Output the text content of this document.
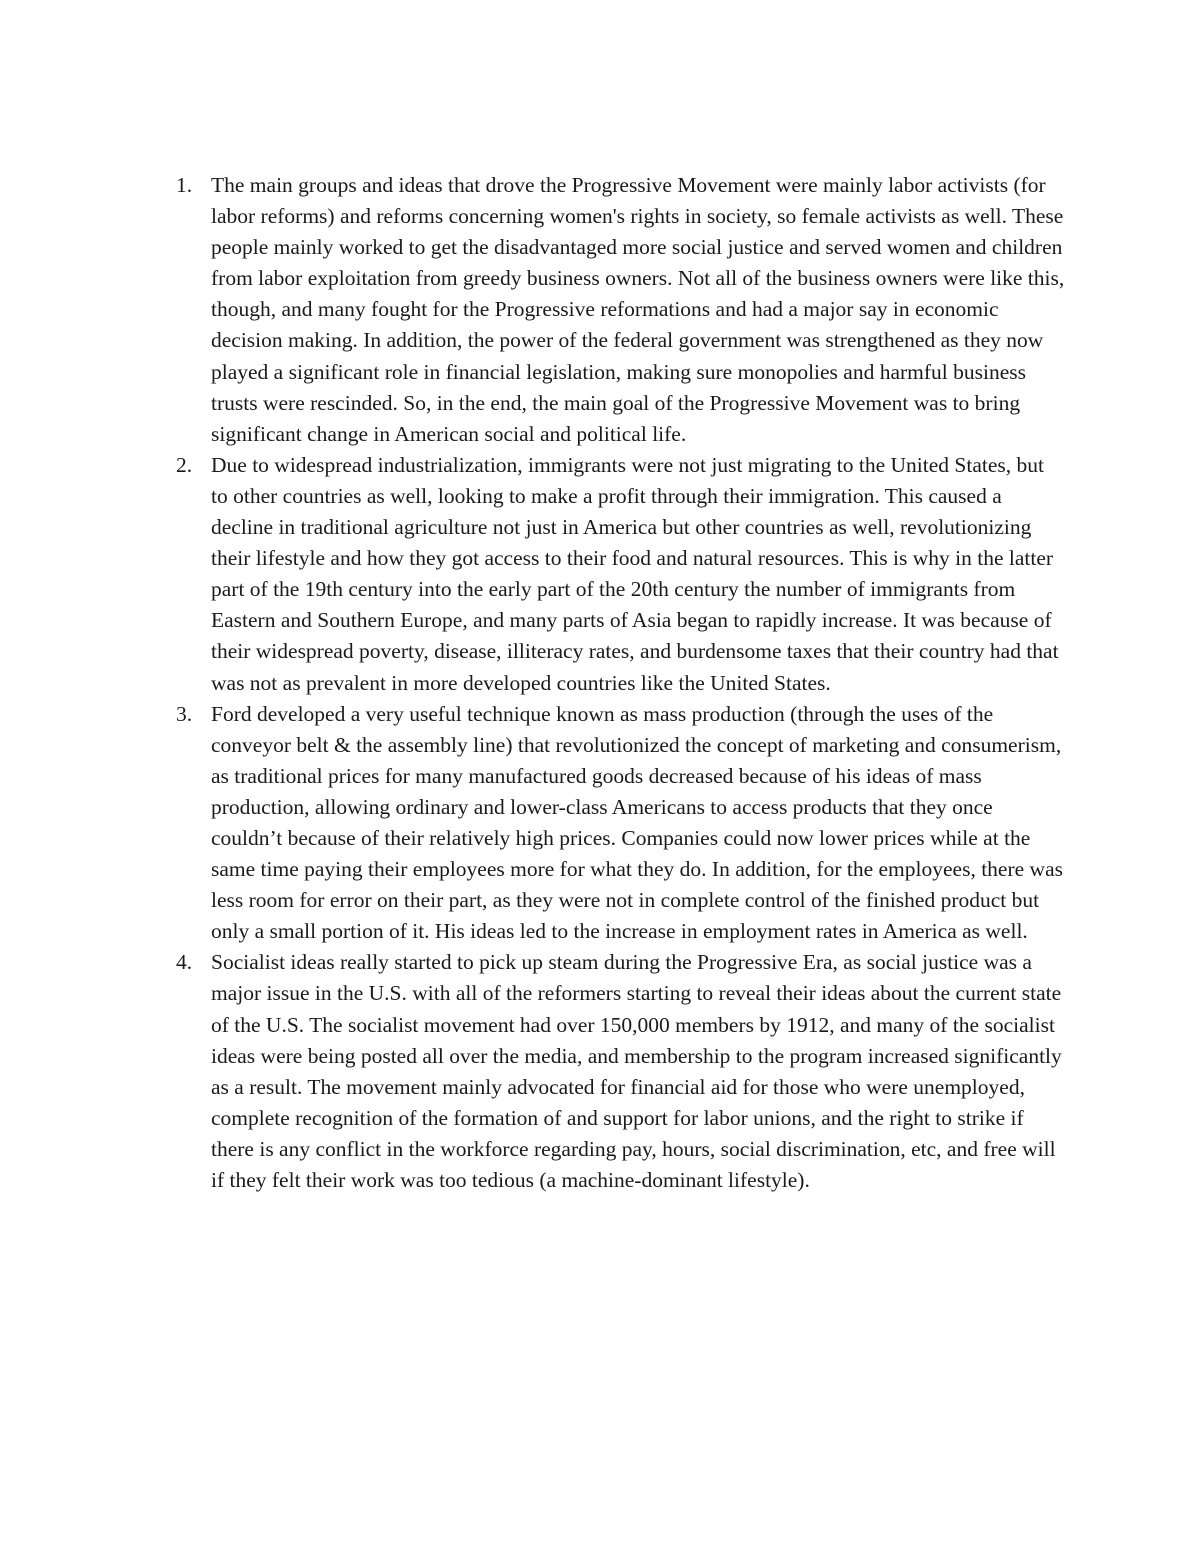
1. The main groups and ideas that drove the Progressive Movement were mainly labor activists (for labor reforms) and reforms concerning women's rights in society, so female activists as well. These people mainly worked to get the disadvantaged more social justice and served women and children from labor exploitation from greedy business owners. Not all of the business owners were like this, though, and many fought for the Progressive reformations and had a major say in economic decision making. In addition, the power of the federal government was strengthened as they now played a significant role in financial legislation, making sure monopolies and harmful business trusts were rescinded. So, in the end, the main goal of the Progressive Movement was to bring significant change in American social and political life.
2. Due to widespread industrialization, immigrants were not just migrating to the United States, but to other countries as well, looking to make a profit through their immigration. This caused a decline in traditional agriculture not just in America but other countries as well, revolutionizing their lifestyle and how they got access to their food and natural resources. This is why in the latter part of the 19th century into the early part of the 20th century the number of immigrants from Eastern and Southern Europe, and many parts of Asia began to rapidly increase. It was because of their widespread poverty, disease, illiteracy rates, and burdensome taxes that their country had that was not as prevalent in more developed countries like the United States.
3. Ford developed a very useful technique known as mass production (through the uses of the conveyor belt & the assembly line) that revolutionized the concept of marketing and consumerism, as traditional prices for many manufactured goods decreased because of his ideas of mass production, allowing ordinary and lower-class Americans to access products that they once couldn’t because of their relatively high prices. Companies could now lower prices while at the same time paying their employees more for what they do. In addition, for the employees, there was less room for error on their part, as they were not in complete control of the finished product but only a small portion of it. His ideas led to the increase in employment rates in America as well.
4. Socialist ideas really started to pick up steam during the Progressive Era, as social justice was a major issue in the U.S. with all of the reformers starting to reveal their ideas about the current state of the U.S. The socialist movement had over 150,000 members by 1912, and many of the socialist ideas were being posted all over the media, and membership to the program increased significantly as a result. The movement mainly advocated for financial aid for those who were unemployed, complete recognition of the formation of and support for labor unions, and the right to strike if there is any conflict in the workforce regarding pay, hours, social discrimination, etc, and free will if they felt their work was too tedious (a machine-dominant lifestyle).
